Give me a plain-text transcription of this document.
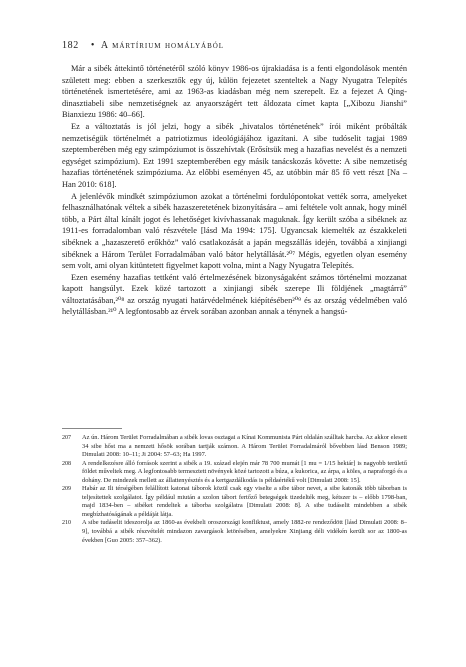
182 • A mártírium homályából

Már a sibék áttekintő történetéről szóló könyv 1986-os újrakiadása is a fenti elgondolások mentén született meg: ebben a szerkesztők egy új, külön fejezetet szenteltek a Nagy Nyugatra Telepítés történetének ismertetésére, ami az 1963-as kiadásban még nem szerepelt. Ez a fejezet A Qing-dinasztiabeli sibe nemzetiségnek az anyaországért tett áldozata címet kapta [„Xibozu Jianshi” Bianxiezu 1986: 40–66].

Ez a változtatás is jól jelzi, hogy a sibék „hivatalos történetének” írói miként próbálták nemzetiségük történelmét a patriotizmus ideológiájához igazítani. A sibe tudóselit tagjai 1989 szeptemberében még egy szimpóziumot is összehívtak (Erősítsük meg a hazafias nevelést és a nemzeti egységet szimpózium). Ezt 1991 szeptemberében egy másik tanácskozás követte: A sibe nemzetiség hazafias történetének szimpóziuma. Az előbbi eseményen 45, az utóbbin már 85 fő vett részt [Na – Han 2010: 618].

A jelenlévők mindkét szimpóziumon azokat a történelmi fordulópontokat vették sorra, amelyeket felhasználhatónak véltek a sibék hazaszeretetének bizonyítására – ami feltétele volt annak, hogy minél több, a Párt által kínált jogot és lehetőséget kivívhassanak maguknak. Így került szóba a sibéknek az 1911-es forradalomban való részvétele [lásd Ma 1994: 175]. Ugyancsak kiemelték az északkeleti sibéknek a „hazaszerető erőkhöz” való csatlakozását a japán megszállás idején, továbbá a xinjiangi sibéknek a Három Terület Forradalmában való bátor helytállását.²⁰⁷ Mégis, egyetlen olyan esemény sem volt, ami olyan kitüntetett figyelmet kapott volna, mint a Nagy Nyugatra Telepítés.

Ezen esemény hazafias tettként való értelmezésének bizonyságaként számos történelmi mozzanat kapott hangsúlyt. Ezek közé tartozott a xinjiangi sibék szerepe Ili földjének „magtárrá” változtatásában,²⁰⁸ az ország nyugati határvédelmének kiépítésében²⁰⁹ és az ország védelmében való helytállásban.²¹⁰ A legfontosabb az érvek sorában azonban annak a ténynek a hangsú-

207 Az ún. Három Terület Forradalmában a sibék lovas osztagai a Kínai Kommunista Párt oldalán szálltak harcba. Az akkor elesett 34 sibe hőst ma a nemzeti hősök sorában tartják számon. A Három Terület Forradalmáról bővebben lásd Benson 1989; Dimulati 2008: 10–11; Ji 2004: 57–63; Ha 1997.
208 A rendelkezésre álló források szerint a sibék a 19. század elején már 78 700 mumát [1 mu = 1/15 hektár] is nagyobb területű földet műveltek meg. A legfontosabb termesztett növények közé tartozott a búza, a kukorica, az árpa, a köles, a napraforgó és a dohány. De mindezek mellett az állattenyésztés és a kertgazdálkodás is példaértékű volt [Dimulati 2008: 15].
209 Habár az Ili térségében felállított katonai táborok közül csak egy viselte a sibe tábor nevet, a sibe katonák több táborban is teljesítettek szolgálatot. Így például miután a szolon tábort fertőző betegségek tizedelték meg, kétszer is – előbb 1798-ban, majd 1834-ben – sibéket rendeltek a táborba szolgálatra [Dimulati 2008: 8]. A sibe tudáselit mindebben a sibék megbízhatóságának a példáját látja.
210 A sibe tudáselit ideszorolja az 1860-as évekbeli oroszországi konfliktust, amely 1882-re rendeződött [lásd Dimulati 2008: 8–9], továbbá a sibék részvételét mindazon zavargások letörésében, amelyekre Xinjiang déli vidékén került sor az 1800-as években [Guo 2005: 357–362).
